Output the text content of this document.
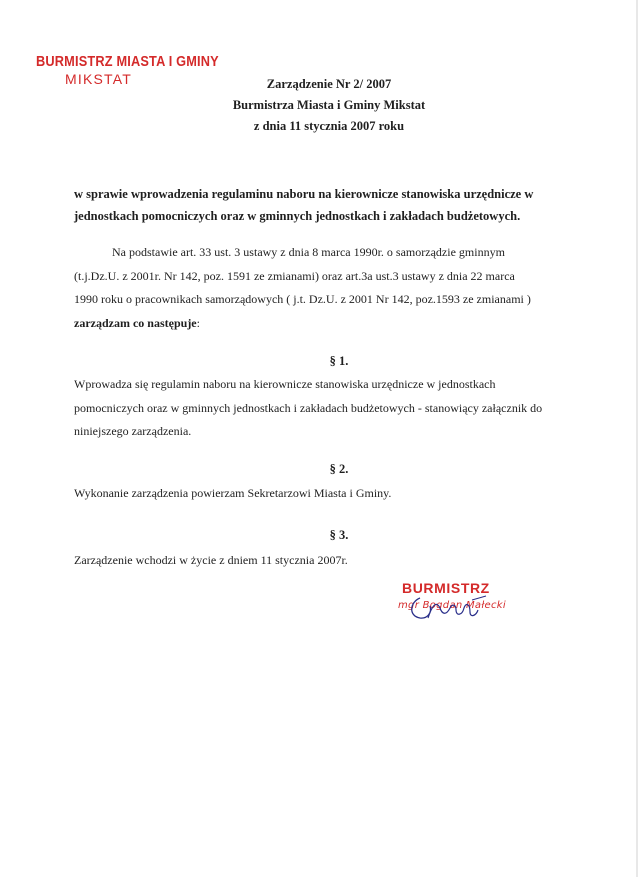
BURMISTRZ MIASTA I GMINY
MIKSTAT	Zarządzenie Nr 2/ 2007
Burmistrza Miasta i Gminy Mikstat
z dnia 11 stycznia 2007 roku
w sprawie wprowadzenia regulaminu naboru na kierownicze stanowiska urzędnicze w
jednostkach pomocniczych oraz w gminnych jednostkach i zakładach budżetowych.
Na podstawie art. 33 ust. 3 ustawy z dnia 8 marca 1990r. o samorządzie gminnym
(t.j.Dz.U. z 2001r. Nr 142, poz. 1591 ze zmianami) oraz art.3a ust.3 ustawy z dnia 22 marca
1990 roku o pracownikach samorządowych ( j.t. Dz.U. z 2001 Nr 142, poz.1593 ze zmianami )
zarządzam co następuje:
§ 1.
Wprowadza się regulamin naboru na kierownicze stanowiska urzędnicze w jednostkach
pomocniczych oraz w gminnych jednostkach i zakładach budżetowych - stanowiący załącznik do
niniejszego zarządzenia.
§ 2.
Wykonanie zarządzenia powierzam Sekretarzowi Miasta i Gminy.
§ 3.
Zarządzenie wchodzi w życie z dniem 11 stycznia 2007r.
BURMISTRZ
mgr Bogdan Małecki
